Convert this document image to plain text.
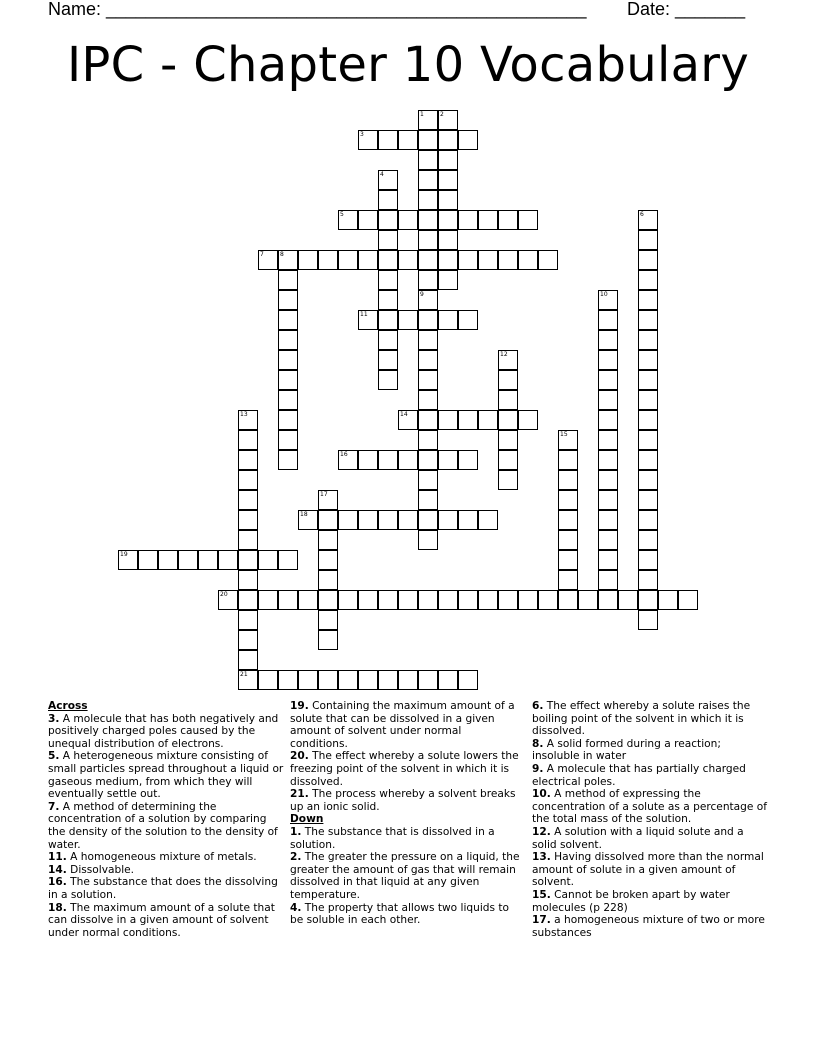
Name: ________________________________________________ Date: _______
IPC - Chapter 10 Vocabulary
3
5
7	8
11
14
16
18
19
20
21
1	2
4
6
9	10
12
13
15
17
Across
3. A molecule that has both negatively and positively charged poles caused by the unequal distribution of electrons.
5. A heterogeneous mixture consisting of small particles spread throughout a liquid or gaseous medium, from which they will eventually settle out.
7. A method of determining the concentration of a solution by comparing the density of the solution to the density of water.
11. A homogeneous mixture of metals.
14. Dissolvable.
16. The substance that does the dissolving in a solution.
18. The maximum amount of a solute that can dissolve in a given amount of solvent under normal conditions.
19. Containing the maximum amount of a solute that can be dissolved in a given amount of solvent under normal conditions.
20. The effect whereby a solute lowers the freezing point of the solvent in which it is dissolved.
21. The process whereby a solvent breaks up an ionic solid.
Down
1. The substance that is dissolved in a solution.
2. The greater the pressure on a liquid, the greater the amount of gas that will remain dissolved in that liquid at any given temperature.
4. The property that allows two liquids to be soluble in each other.
6. The effect whereby a solute raises the boiling point of the solvent in which it is dissolved.
8. A solid formed during a reaction; insoluble in water
9. A molecule that has partially charged electrical poles.
10. A method of expressing the concentration of a solute as a percentage of the total mass of the solution.
12. A solution with a liquid solute and a solid solvent.
13. Having dissolved more than the normal amount of solute in a given amount of solvent.
15. Cannot be broken apart by water molecules (p 228)
17. a homogeneous mixture of two or more substances
